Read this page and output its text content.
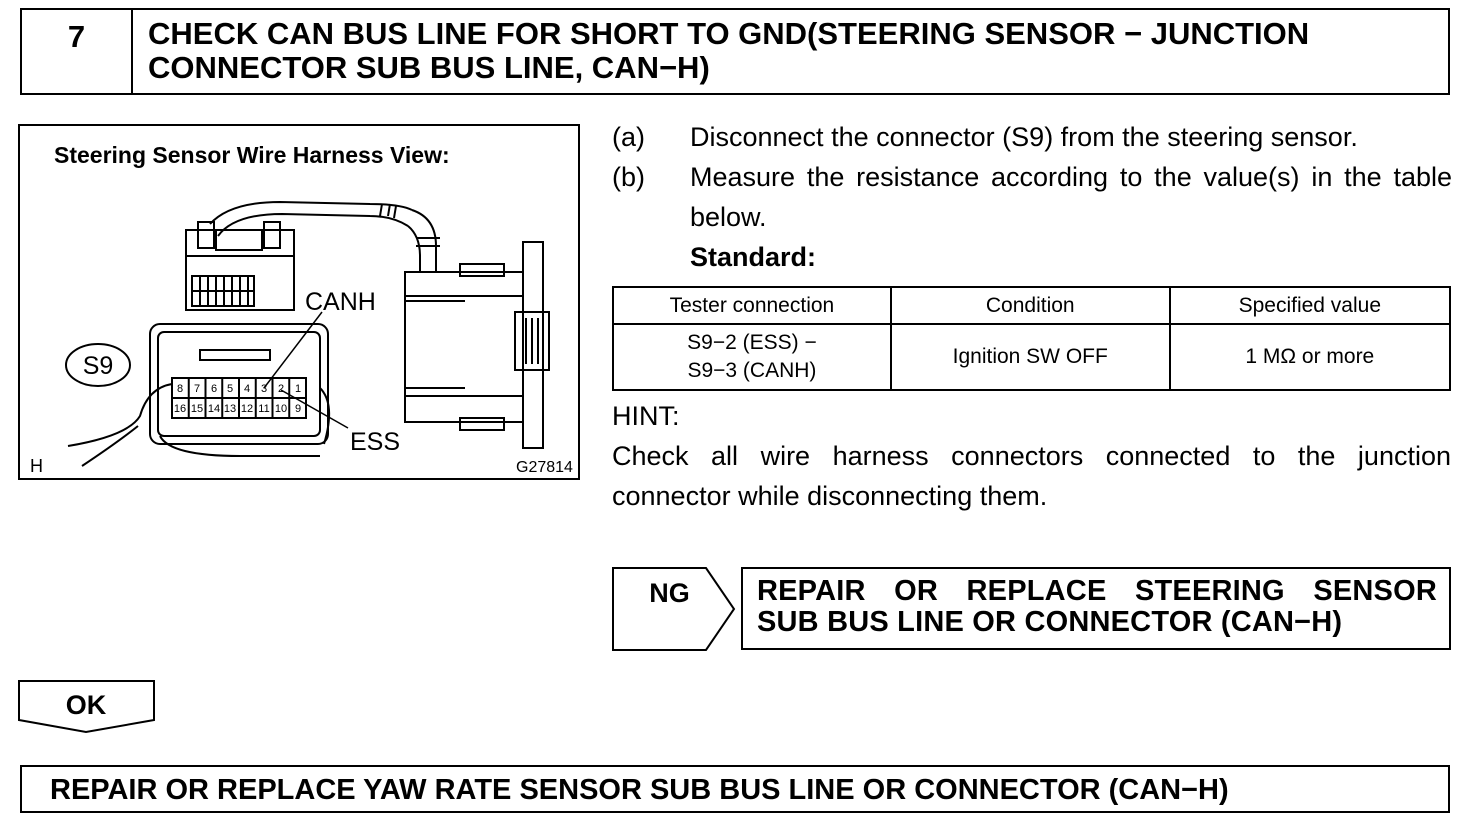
7	CHECK CAN BUS LINE FOR SHORT TO GND(STEERING SENSOR − JUNCTION
CONNECTOR SUB BUS LINE, CAN−H)
Steering Sensor Wire Harness View:
S9
8 7 6 5 4 3 2 1
16 15 14 13 12 11 10 9
CANH
ESS
H	G27814
(a) Disconnect the connector (S9) from the steering sensor.
(b) Measure the resistance according to the value(s) in the table below.
Standard:
Tester connection	Condition	Specified value

S9−2 (ESS) −
S9−3 (CANH)	Ignition SW OFF	1 MΩ or more
HINT:
Check all wire harness connectors connected to the junction connector while disconnecting them.
NG	REPAIR OR REPLACE STEERING SENSOR
SUB BUS LINE OR CONNECTOR (CAN−H)
OK
REPAIR OR REPLACE YAW RATE SENSOR SUB BUS LINE OR CONNECTOR (CAN−H)
